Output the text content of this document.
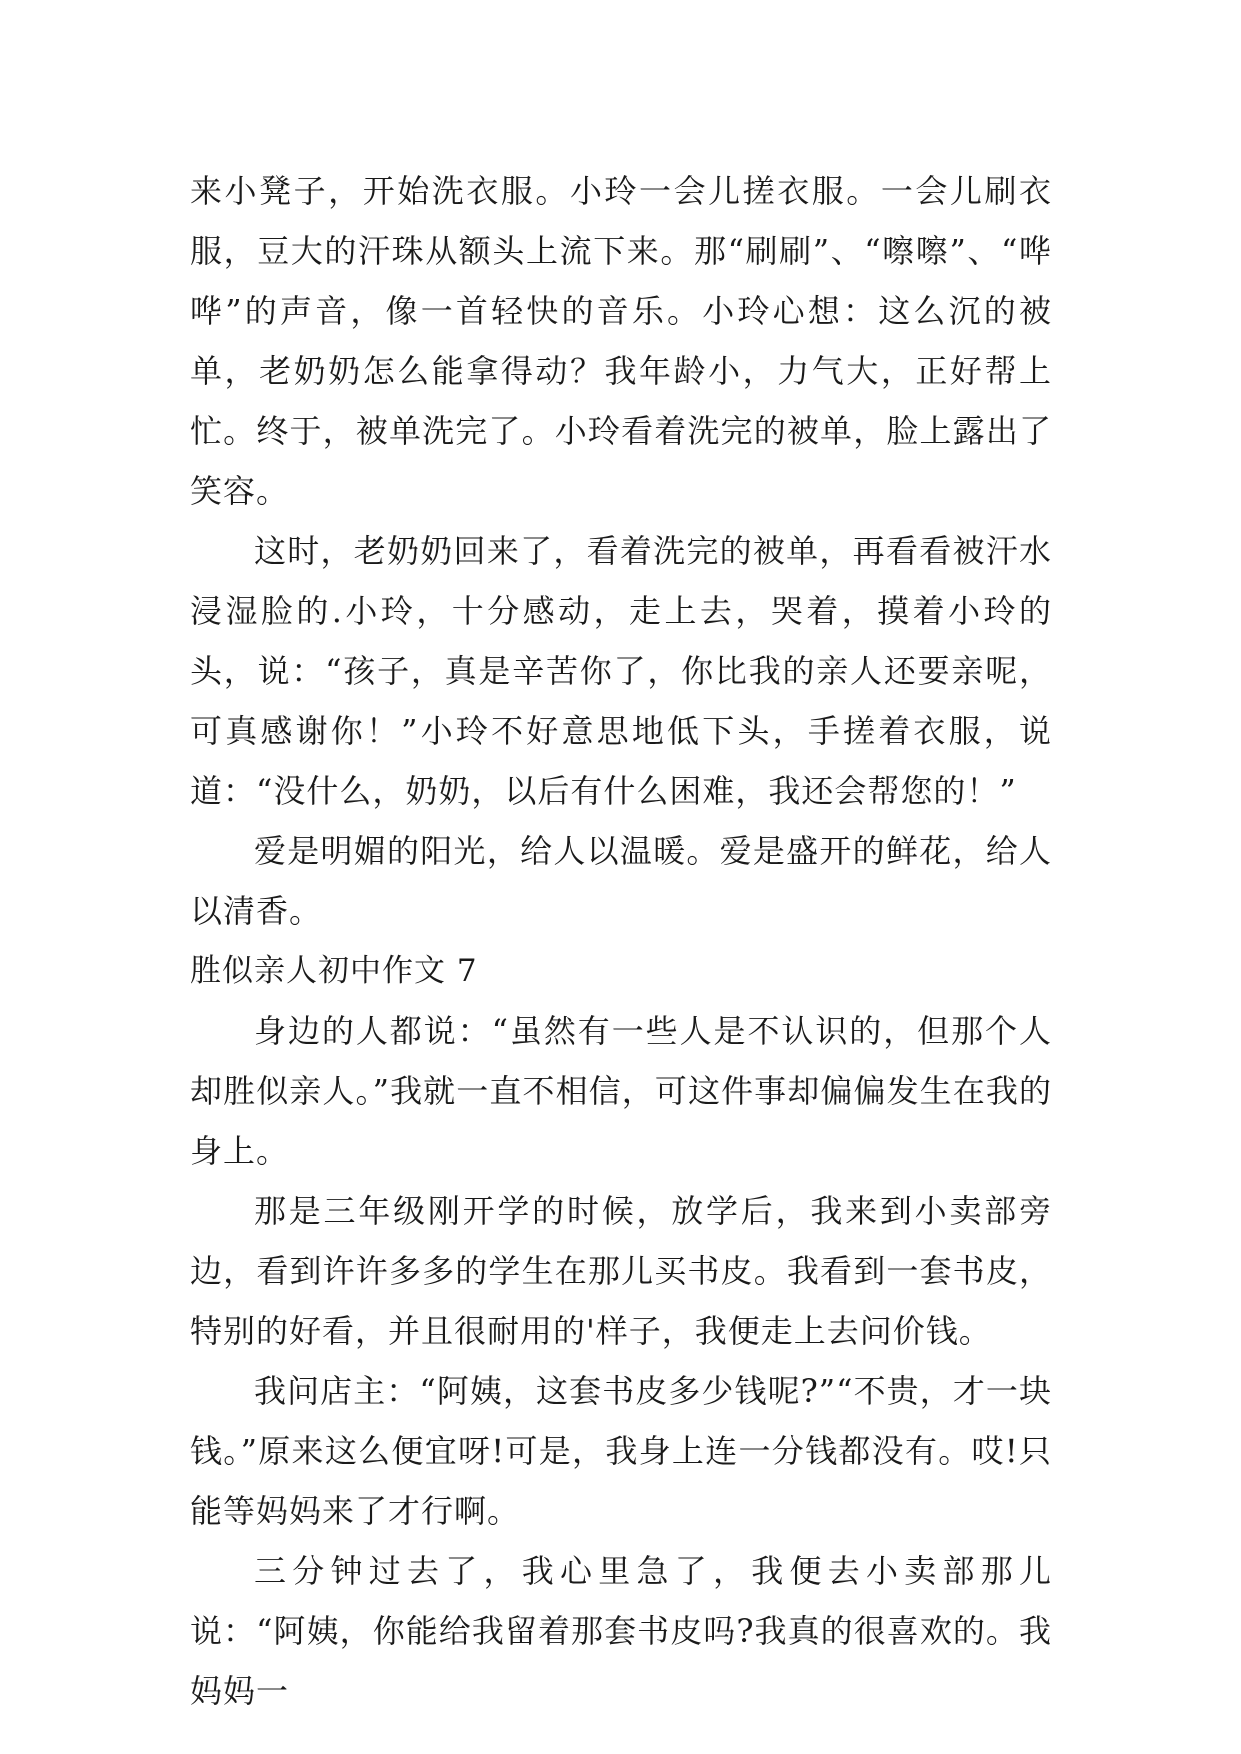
来小凳子，开始洗衣服。小玲一会儿搓衣服。一会儿刷衣服，豆大的汗珠从额头上流下来。那“刷刷”、“嚓嚓”、“哗哗”的声音，像一首轻快的音乐。小玲心想：这么沉的被单，老奶奶怎么能拿得动？我年龄小，力气大，正好帮上忙。终于，被单洗完了。小玲看着洗完的被单，脸上露出了笑容。

这时，老奶奶回来了，看着洗完的被单，再看看被汗水浸湿脸的.小玲，十分感动，走上去，哭着，摸着小玲的头，说：“孩子，真是辛苦你了，你比我的亲人还要亲呢，可真感谢你！”小玲不好意思地低下头，手搓着衣服，说道：“没什么，奶奶，以后有什么困难，我还会帮您的！”

爱是明媚的阳光，给人以温暖。爱是盛开的鲜花，给人以清香。

胜似亲人初中作文 7

身边的人都说：“虽然有一些人是不认识的，但那个人却胜似亲人。”我就一直不相信，可这件事却偏偏发生在我的身上。

那是三年级刚开学的时候，放学后，我来到小卖部旁边，看到许许多多的学生在那儿买书皮。我看到一套书皮，特别的好看，并且很耐用的'样子，我便走上去问价钱。

我问店主：“阿姨，这套书皮多少钱呢?”“不贵，才一块钱。”原来这么便宜呀!可是，我身上连一分钱都没有。哎!只能等妈妈来了才行啊。

三分钟过去了，我心里急了，我便去小卖部那儿说：“阿姨，你能给我留着那套书皮吗?我真的很喜欢的。我妈妈一
